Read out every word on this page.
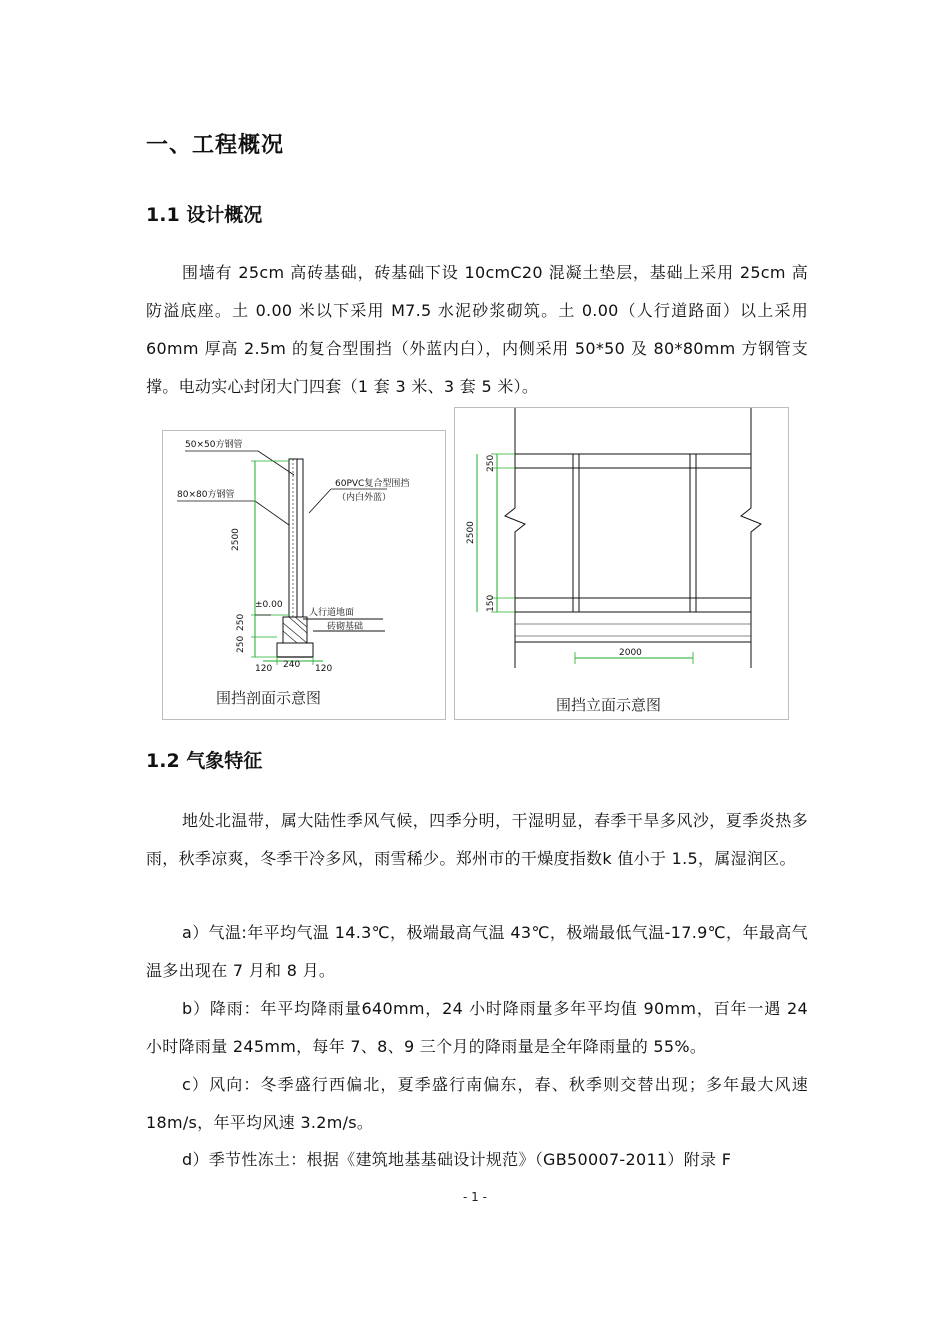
一、工程概况
1.1 设计概况
围墙有 25cm 高砖基础，砖基础下设 10cmC20 混凝土垫层，基础上采用 25cm 高防溢底座。土 0.00 米以下采用 M7.5 水泥砂浆砌筑。土 0.00（人行道路面）以上采用 60mm 厚高 2.5m 的复合型围挡（外蓝内白），内侧采用 50*50 及 80*80mm 方钢管支撑。电动实心封闭大门四套（1 套 3 米、3 套 5 米）。
50×50方钢管
80×80方钢管
60PVC复合型围挡
（内白外蓝）
2500
±0.00
人行道地面
砖砌基础
250
250
120 240 120
围挡剖面示意图
250
2500
150
2000
围挡立面示意图
1.2 气象特征
地处北温带，属大陆性季风气候，四季分明，干湿明显，春季干旱多风沙，夏季炎热多雨，秋季凉爽，冬季干冷多风，雨雪稀少。郑州市的干燥度指数k 值小于 1.5，属湿润区。
a）气温:年平均气温 14.3℃，极端最高气温 43℃，极端最低气温-17.9℃，年最高气温多出现在 7 月和 8 月。
b）降雨：年平均降雨量640mm，24 小时降雨量多年平均值 90mm，百年一遇 24 小时降雨量 245mm，每年 7、8、9 三个月的降雨量是全年降雨量的 55%。
c）风向：冬季盛行西偏北，夏季盛行南偏东，春、秋季则交替出现；多年最大风速 18m/s，年平均风速 3.2m/s。
d）季节性冻土：根据《建筑地基基础设计规范》（GB50007-2011）附录 F
- 1 -
